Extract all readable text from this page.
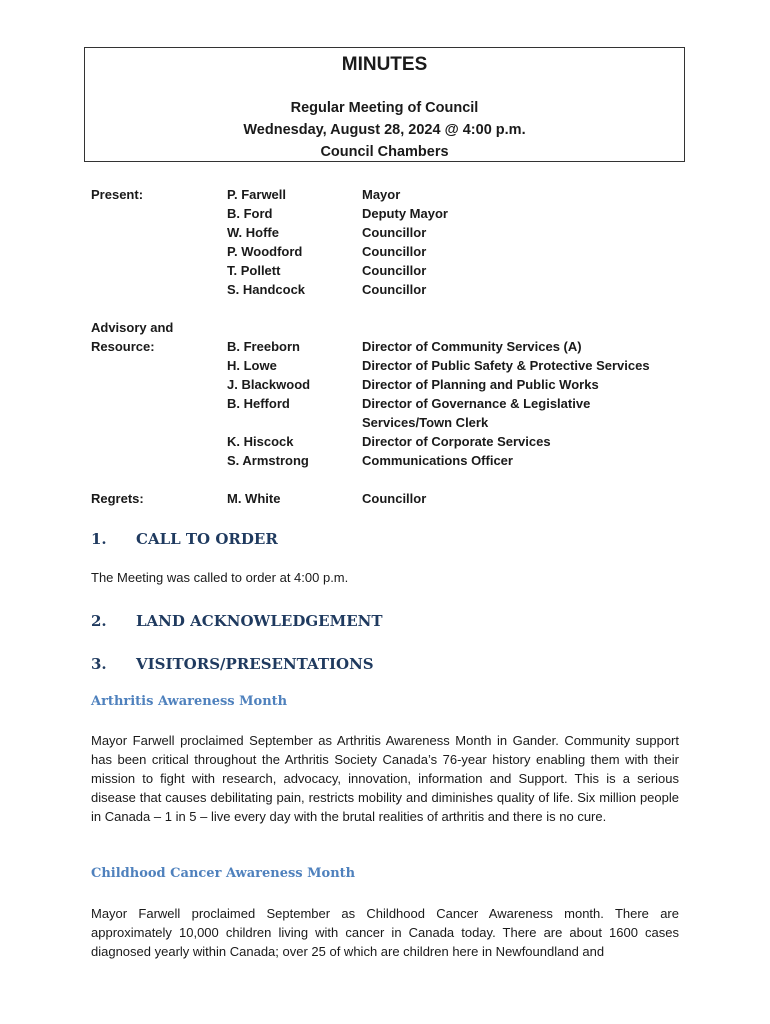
MINUTES
Regular Meeting of Council
Wednesday, August 28, 2024 @ 4:00 p.m.
Council Chambers
Present:	P. Farwell	Mayor
B. Ford	Deputy Mayor
W. Hoffe	Councillor
P. Woodford	Councillor
T. Pollett	Councillor
S. Handcock	Councillor
Advisory and
Resource:	B. Freeborn	Director of Community Services (A)
H. Lowe	Director of Public Safety & Protective Services
J. Blackwood	Director of Planning and Public Works
B. Hefford	Director of Governance & Legislative
Services/Town Clerk
K. Hiscock	Director of Corporate Services
S. Armstrong	Communications Officer
Regrets:	M. White	Councillor
1. CALL TO ORDER
The Meeting was called to order at 4:00 p.m.
2. LAND ACKNOWLEDGEMENT
3. VISITORS/PRESENTATIONS
Arthritis Awareness Month
Mayor Farwell proclaimed September as Arthritis Awareness Month in Gander. Community support has been critical throughout the Arthritis Society Canada’s 76-year history enabling them with their mission to fight with research, advocacy, innovation, information and Support. This is a serious disease that causes debilitating pain, restricts mobility and diminishes quality of life. Six million people in Canada – 1 in 5 – live every day with the brutal realities of arthritis and there is no cure.
Childhood Cancer Awareness Month
Mayor Farwell proclaimed September as Childhood Cancer Awareness month. There are approximately 10,000 children living with cancer in Canada today. There are about 1600 cases diagnosed yearly within Canada; over 25 of which are children here in Newfoundland and
